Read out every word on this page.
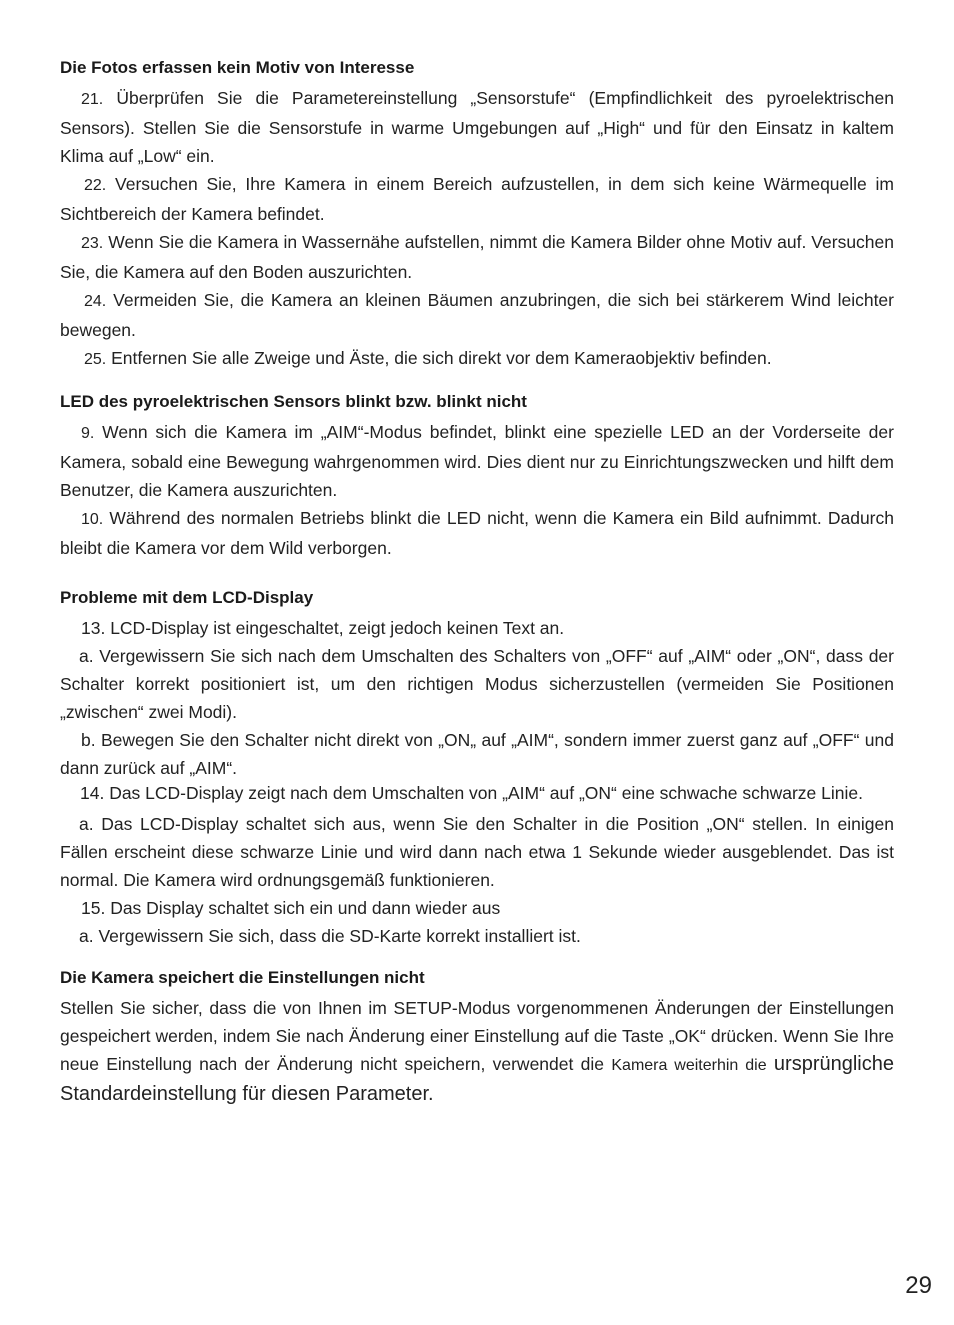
Die Fotos erfassen kein Motiv von Interesse

21. Überprüfen Sie die Parametereinstellung „Sensorstufe“ (Empfindlichkeit des pyroelektrischen Sensors). Stellen Sie die Sensorstufe in warme Umgebungen auf „High“ und für den Einsatz in kaltem Klima auf „Low“ ein.

22. Versuchen Sie, Ihre Kamera in einem Bereich aufzustellen, in dem sich keine Wärmequelle im Sichtbereich der Kamera befindet.

23. Wenn Sie die Kamera in Wassernähe aufstellen, nimmt die Kamera Bilder ohne Motiv auf. Versuchen Sie, die Kamera auf den Boden auszurichten.

24. Vermeiden Sie, die Kamera an kleinen Bäumen anzubringen, die sich bei stärkerem Wind leichter bewegen.

25. Entfernen Sie alle Zweige und Äste, die sich direkt vor dem Kameraobjektiv befinden.

LED des pyroelektrischen Sensors blinkt bzw. blinkt nicht

9. Wenn sich die Kamera im „AIM“-Modus befindet, blinkt eine spezielle LED an der Vorderseite der Kamera, sobald eine Bewegung wahrgenommen wird. Dies dient nur zu Einrichtungszwecken und hilft dem Benutzer, die Kamera auszurichten.

10. Während des normalen Betriebs blinkt die LED nicht, wenn die Kamera ein Bild aufnimmt. Dadurch bleibt die Kamera vor dem Wild verborgen.

Probleme mit dem LCD-Display

13. LCD-Display ist eingeschaltet, zeigt jedoch keinen Text an.

a. Vergewissern Sie sich nach dem Umschalten des Schalters von „OFF“ auf „AIM“ oder „ON“, dass der Schalter korrekt positioniert ist, um den richtigen Modus sicherzustellen (vermeiden Sie Positionen „zwischen“ zwei Modi).

b. Bewegen Sie den Schalter nicht direkt von „ON„ auf „AIM“, sondern immer zuerst ganz auf „OFF“ und dann zurück auf „AIM“.

14. Das LCD-Display zeigt nach dem Umschalten von „AIM“ auf „ON“ eine schwache schwarze Linie.

a. Das LCD-Display schaltet sich aus, wenn Sie den Schalter in die Position „ON“ stellen. In einigen Fällen erscheint diese schwarze Linie und wird dann nach etwa 1 Sekunde wieder ausgeblendet. Das ist normal. Die Kamera wird ordnungsgemäß funktionieren.

15. Das Display schaltet sich ein und dann wieder aus

a. Vergewissern Sie sich, dass die SD-Karte korrekt installiert ist.

Die Kamera speichert die Einstellungen nicht

Stellen Sie sicher, dass die von Ihnen im SETUP-Modus vorgenommenen Änderungen der Einstellungen gespeichert werden, indem Sie nach Änderung einer Einstellung auf die Taste „OK“ drücken. Wenn Sie Ihre neue Einstellung nach der Änderung nicht speichern, verwendet die Kamera weiterhin die ursprüngliche Standardeinstellung für diesen Parameter.

29
